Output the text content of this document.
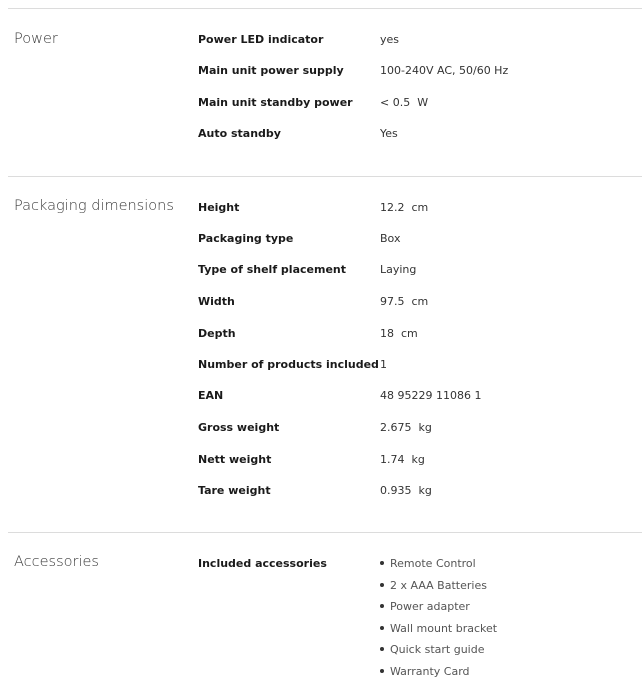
Power	Power LED indicator	yes
Main unit power supply	100-240V AC, 50/60 Hz
Main unit standby power < 0.5  W
Auto standby	Yes
Packaging dimensions Height	12.2  cm
Packaging type	Box
Type of shelf placement	Laying
Width	97.5  cm
Depth	18  cm
Number of products included 1
EAN	48 95229 11086 1
Gross weight	2.675  kg
Nett weight	1.74  kg
Tare weight	0.935  kg
Accessories	Included accessories	Remote Control
2 x AAA Batteries
Power adapter
Wall mount bracket
Quick start guide
Warranty Card
